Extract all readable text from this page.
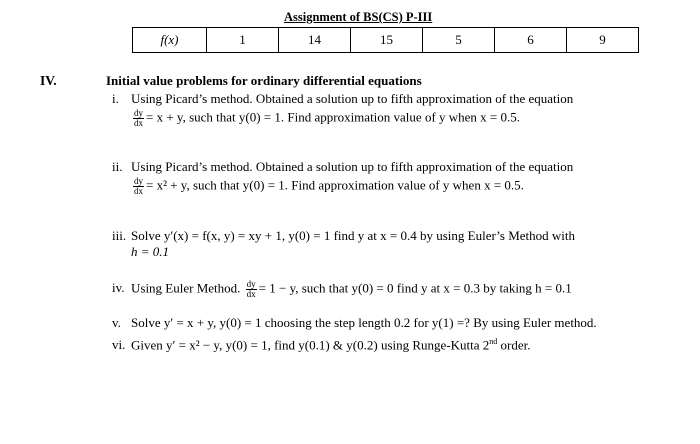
Assignment of BS(CS) P-III
f(x)	1	14	15	5	6	9
IV.	Initial value problems for ordinary differential equations
i. Using Picard’s method. Obtained a solution up to fifth approximation of the equation
$\frac{dy}{dx} = x + y$, such that y(0) = 1. Find approximation value of y when x = 0.5.
ii. Using Picard’s method. Obtained a solution up to fifth approximation of the equation
$\frac{dy}{dx} = x^2 + y$, such that y(0) = 1. Find approximation value of y when x = 0.5.
iii. Solve y′(x) = f(x, y) = xy + 1, y(0) = 1 find y at x = 0.4 by using Euler’s Method with
h = 0.1
iv. Using Euler Method. $\frac{dy}{dx} = 1 - y$, such that y(0) = 0 find y at x = 0.3 by taking h = 0.1
v. Solve y′ = x + y, y(0) = 1 choosing the step length 0.2 for y(1) =? By using Euler method.
vi. Given y′ = x² − y, y(0) = 1, find y(0.1) & y(0.2) using Runge-Kutta 2nd order.
